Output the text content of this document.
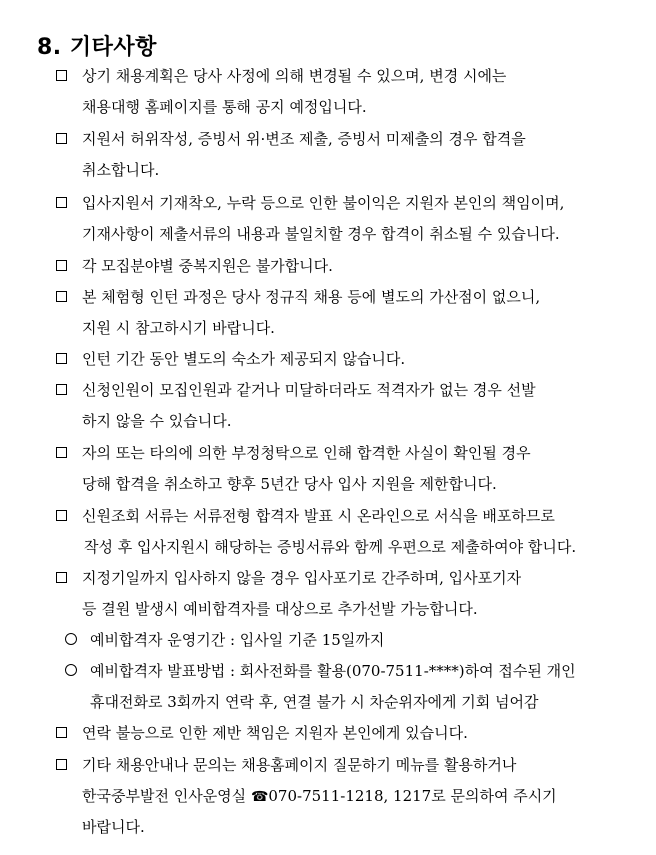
8. 기타사항
상기 채용계획은 당사 사정에 의해 변경될 수 있으며, 변경 시에는
채용대행 홈페이지를 통해 공지 예정입니다.
지원서 허위작성, 증빙서 위·변조 제출, 증빙서 미제출의 경우 합격을
취소합니다.
입사지원서 기재착오, 누락 등으로 인한 불이익은 지원자 본인의 책임이며,
기재사항이 제출서류의 내용과 불일치할 경우 합격이 취소될 수 있습니다.
각 모집분야별 중복지원은 불가합니다.
본 체험형 인턴 과정은 당사 정규직 채용 등에 별도의 가산점이 없으니,
지원 시 참고하시기 바랍니다.
인턴 기간 동안 별도의 숙소가 제공되지 않습니다.
신청인원이 모집인원과 같거나 미달하더라도 적격자가 없는 경우 선발
하지 않을 수 있습니다.
자의 또는 타의에 의한 부정청탁으로 인해 합격한 사실이 확인될 경우
당해 합격을 취소하고 향후 5년간 당사 입사 지원을 제한합니다.
신원조회 서류는 서류전형 합격자 발표 시 온라인으로 서식을 배포하므로
작성 후 입사지원시 해당하는 증빙서류와 함께 우편으로 제출하여야 합니다.
지정기일까지 입사하지 않을 경우 입사포기로 간주하며, 입사포기자
등 결원 발생시 예비합격자를 대상으로 추가선발 가능합니다.
예비합격자 운영기간 : 입사일 기준 15일까지
예비합격자 발표방법 : 회사전화를 활용(070-7511-****)하여 접수된 개인
휴대전화로 3회까지 연락 후, 연결 불가 시 차순위자에게 기회 넘어감
연락 불능으로 인한 제반 책임은 지원자 본인에게 있습니다.
기타 채용안내나 문의는 채용홈페이지 질문하기 메뉴를 활용하거나
한국중부발전 인사운영실 ☎070-7511-1218, 1217로 문의하여 주시기
바랍니다.
